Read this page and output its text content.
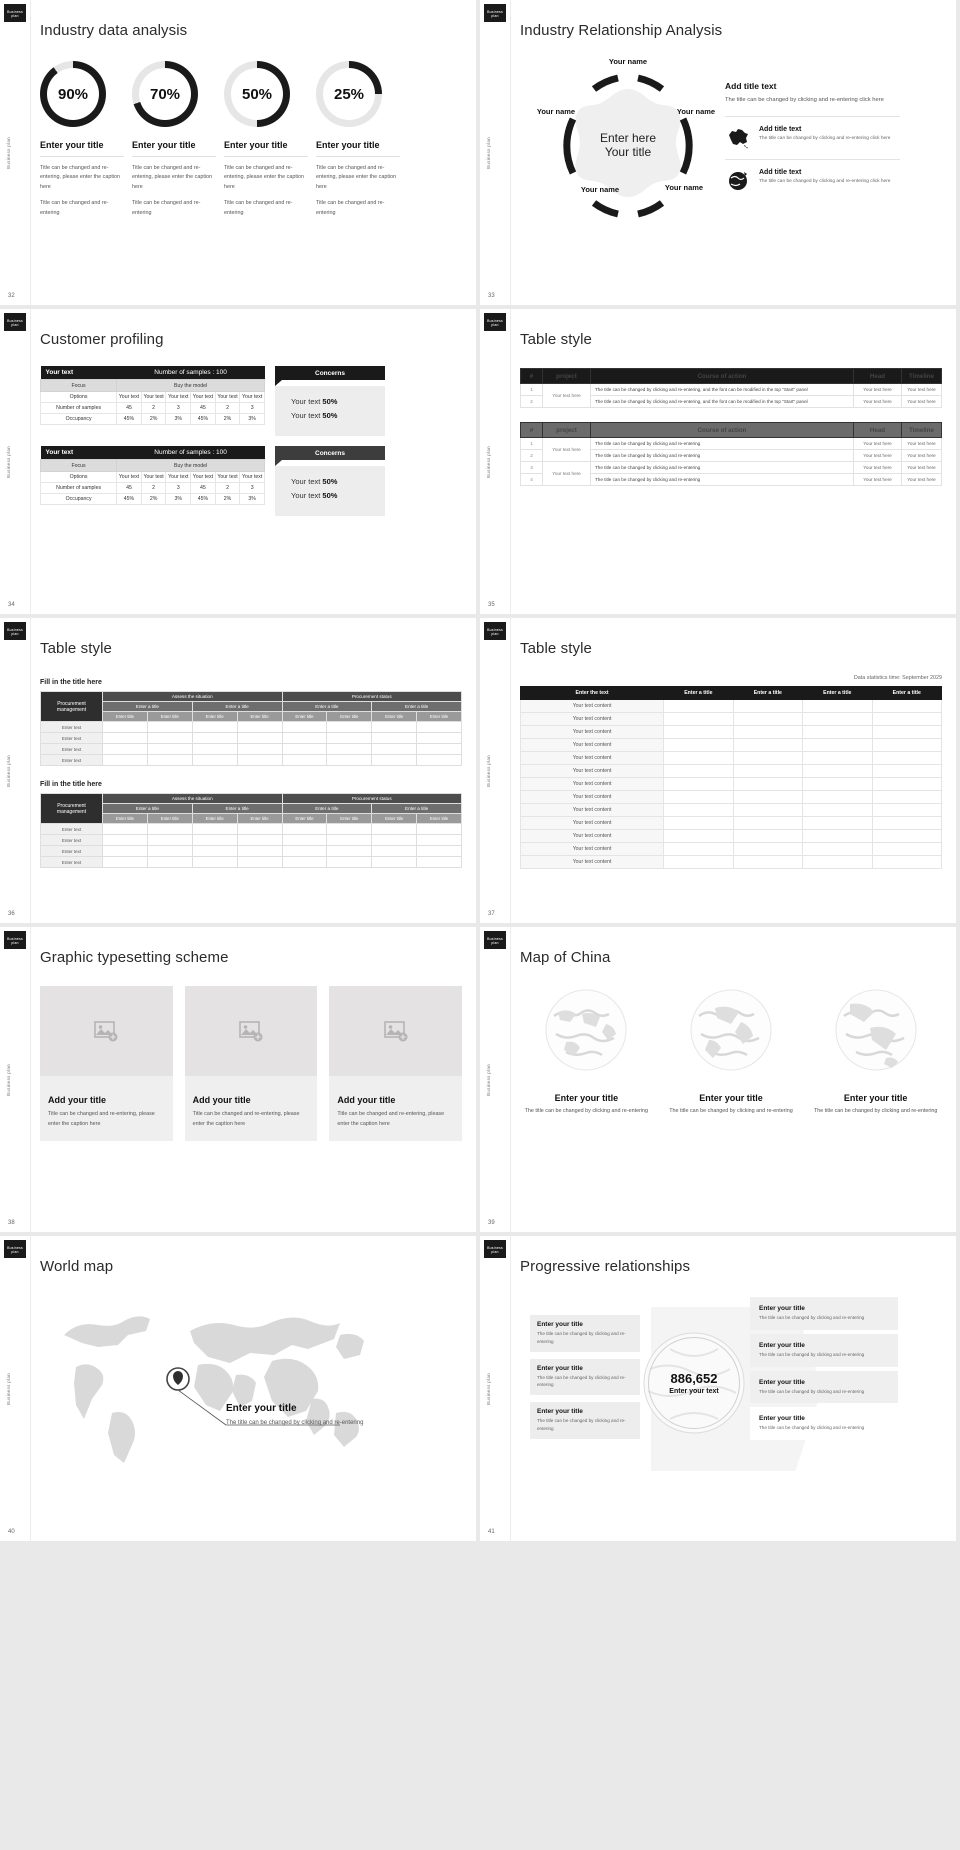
Business plan
Business plan
32
Industry data analysis
90%
Enter your title
Title can be changed and re-entering, please enter the caption here
Title can be changed and re-entering
70%
Enter your title
Title can be changed and re-entering, please enter the caption here
Title can be changed and re-entering
50%
Enter your title
Title can be changed and re-entering, please enter the caption here
Title can be changed and re-entering
25%
Enter your title
Title can be changed and re-entering, please enter the caption here
Title can be changed and re-entering
Business plan
Business plan
33
Industry Relationship Analysis
Your name
Your name
Your name
Your name
Your name
Enter here
Your title
Add title text
The title can be changed by clicking and re-entering click here
Add title text
The title can be changed by clicking and re-entering click here
Add title text
The title can be changed by clicking and re-entering click here
Business plan
Business plan
34
Customer profiling
Your text	Number of samples : 100					
Focus	Buy the model					
Options	Your text	Your text	Your text	Your text	Your text	Your text
Number of samples	45	2	3	45	2	3
Occupancy	45%	2%	3%	45%	2%	3%
Concerns
Your text 50%
Your text 50%
Your text	Number of samples : 100					
Focus	Buy the model					
Options	Your text	Your text	Your text	Your text	Your text	Your text
Number of samples	45	2	3	45	2	3
Occupancy	45%	2%	3%	45%	2%	3%
Concerns
Your text 50%
Your text 50%
Business plan
Business plan
35
Table style
#	project	Course of action	Head	Timeline
1	Your text here	The title can be changed by clicking and re-entering, and the font can be modified in the top "Start" panel	Your text here	Your text here
2		The title can be changed by clicking and re-entering, and the font can be modified in the top "Start" panel	Your text here	Your text here
#	project	Course of action	Head	Timeline
1	Your text here	The title can be changed by clicking and re-entering	Your text here	Your text here
2		The title can be changed by clicking and re-entering	Your text here	Your text here
3	Your text here	The title can be changed by clicking and re-entering	Your text here	Your text here
4		The title can be changed by clicking and re-entering	Your text here	Your text here
Business plan
Business plan
36
Table style
Fill in the title here
Procurement management	Assess the situation				Procurement status			
	Enter a title		Enter a title		Enter a title		Enter a title	
	Enter title	Enter title	Enter title	Enter title	Enter title	Enter title	Enter title	Enter title
Enter text								
Enter text								
Enter text								
Enter text								
Fill in the title here
Procurement management	Assess the situation				Procurement status			
	Enter a title		Enter a title		Enter a title		Enter a title	
	Enter title	Enter title	Enter title	Enter title	Enter title	Enter title	Enter title	Enter title
Enter text								
Enter text								
Enter text								
Enter text								
Business plan
Business plan
37
Table style
Data statistics time: September 2029
Enter the text	Enter a title	Enter a title	Enter a title	Enter a title
Your text content				
Your text content				
Your text content				
Your text content				
Your text content				
Your text content				
Your text content				
Your text content				
Your text content				
Your text content				
Your text content				
Your text content				
Your text content				
Business plan
Business plan
38
Graphic typesetting scheme
Add your title
Title can be changed and re-entering, please enter the caption here
Add your title
Title can be changed and re-entering, please enter the caption here
Add your title
Title can be changed and re-entering, please enter the caption here
Business plan
Business plan
39
Map of China
Enter your title
The title can be changed by clicking and re-entering
Enter your title
The title can be changed by clicking and re-entering
Enter your title
The title can be changed by clicking and re-entering
Business plan
Business plan
40
World map
Enter your title
The title can be changed by clicking and re-entering
Business plan
Business plan
41
Progressive relationships
Enter your title
The title can be changed by clicking and re-entering
Enter your title
The title can be changed by clicking and re-entering
Enter your title
The title can be changed by clicking and re-entering
886,652
Enter your text
Enter your title
The title can be changed by clicking and re-entering
Enter your title
The title can be changed by clicking and re-entering
Enter your title
The title can be changed by clicking and re-entering
Enter your title
The title can be changed by clicking and re-entering
